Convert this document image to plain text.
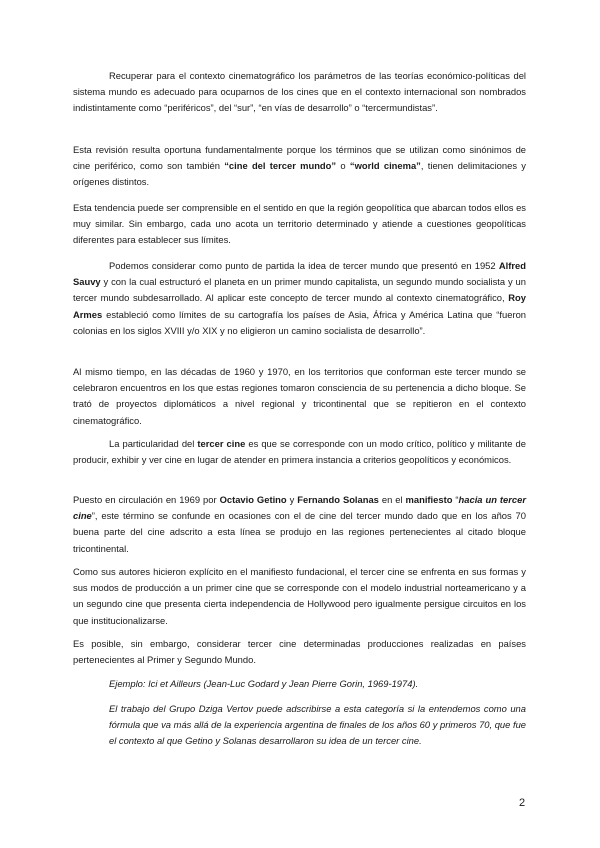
Recuperar para el contexto cinematográfico los parámetros de las teorías económico-políticas del sistema mundo es adecuado para ocuparnos de los cines que en el contexto internacional son nombrados indistintamente como “periféricos”, del “sur”, “en vías de desarrollo” o “tercermundistas”.

Esta revisión resulta oportuna fundamentalmente porque los términos que se utilizan como sinónimos de cine periférico, como son también “cine del tercer mundo” o “world cinema”, tienen delimitaciones y orígenes distintos.

Esta tendencia puede ser comprensible en el sentido en que la región geopolítica que abarcan todos ellos es muy similar. Sin embargo, cada uno acota un territorio determinado y atiende a cuestiones geopolíticas diferentes para establecer sus límites.

Podemos considerar como punto de partida la idea de tercer mundo que presentó en 1952 Alfred Sauvy y con la cual estructuró el planeta en un primer mundo capitalista, un segundo mundo socialista y un tercer mundo subdesarrollado. Al aplicar este concepto de tercer mundo al contexto cinematográfico, Roy Armes estableció como límites de su cartografía los países de Asia, África y América Latina que “fueron colonias en los siglos XVIII y/o XIX y no eligieron un camino socialista de desarrollo”.

Al mismo tiempo, en las décadas de 1960 y 1970, en los territorios que conforman este tercer mundo se celebraron encuentros en los que estas regiones tomaron consciencia de su pertenencia a dicho bloque. Se trató de proyectos diplomáticos a nivel regional y tricontinental que se repitieron en el contexto cinematográfico.

La particularidad del tercer cine es que se corresponde con un modo crítico, político y militante de producir, exhibir y ver cine en lugar de atender en primera instancia a criterios geopolíticos y económicos.

Puesto en circulación en 1969 por Octavio Getino y Fernando Solanas en el manifiesto “hacia un tercer cine”, este término se confunde en ocasiones con el de cine del tercer mundo dado que en los años 70 buena parte del cine adscrito a esta línea se produjo en las regiones pertenecientes al citado bloque tricontinental.

Como sus autores hicieron explícito en el manifiesto fundacional, el tercer cine se enfrenta en sus formas y sus modos de producción a un primer cine que se corresponde con el modelo industrial norteamericano y a un segundo cine que presenta cierta independencia de Hollywood pero igualmente persigue circuitos en los que institucionalizarse.

Es posible, sin embargo, considerar tercer cine determinadas producciones realizadas en países pertenecientes al Primer y Segundo Mundo.

Ejemplo: Ici et Ailleurs (Jean-Luc Godard y Jean Pierre Gorin, 1969-1974).

El trabajo del Grupo Dziga Vertov puede adscribirse a esta categoría si la entendemos como una fórmula que va más allá de la experiencia argentina de finales de los años 60 y primeros 70, que fue el contexto al que Getino y Solanas desarrollaron su idea de un tercer cine.

2
